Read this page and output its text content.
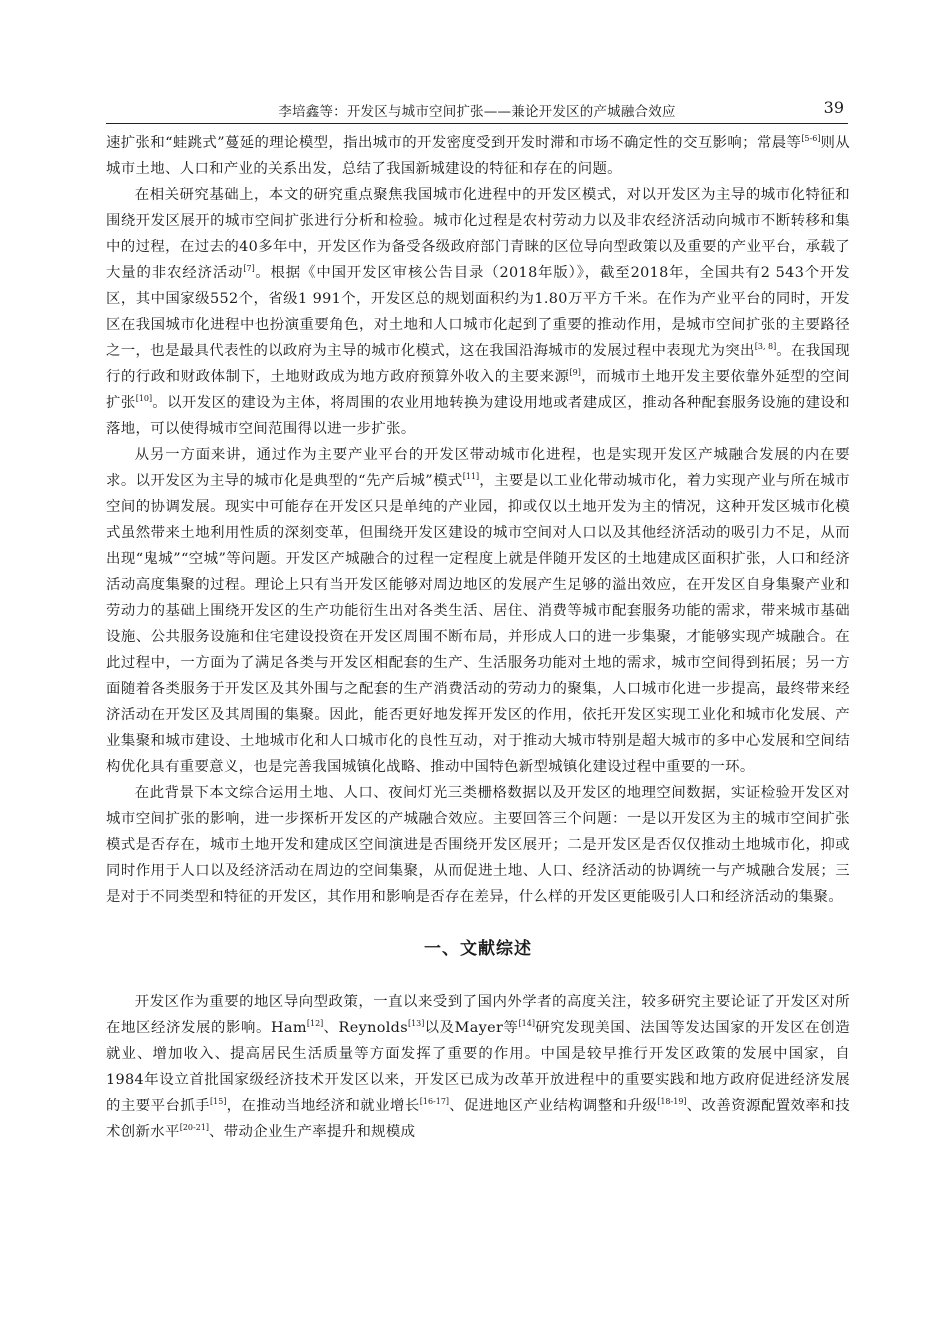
李培鑫等：开发区与城市空间扩张——兼论开发区的产城融合效应	39

速扩张和“蛙跳式”蔓延的理论模型，指出城市的开发密度受到开发时滞和市场不确定性的交互影响；常晨等[5-6]则从城市土地、人口和产业的关系出发，总结了我国新城建设的特征和存在的问题。

在相关研究基础上，本文的研究重点聚焦我国城市化进程中的开发区模式，对以开发区为主导的城市化特征和围绕开发区展开的城市空间扩张进行分析和检验。城市化过程是农村劳动力以及非农经济活动向城市不断转移和集中的过程，在过去的40多年中，开发区作为备受各级政府部门青睐的区位导向型政策以及重要的产业平台，承载了大量的非农经济活动[7]。根据《中国开发区审核公告目录（2018年版）》，截至2018年，全国共有2 543个开发区，其中国家级552个，省级1 991个，开发区总的规划面积约为1.80万平方千米。在作为产业平台的同时，开发区在我国城市化进程中也扮演重要角色，对土地和人口城市化起到了重要的推动作用，是城市空间扩张的主要路径之一，也是最具代表性的以政府为主导的城市化模式，这在我国沿海城市的发展过程中表现尤为突出[3, 8]。在我国现行的行政和财政体制下，土地财政成为地方政府预算外收入的主要来源[9]，而城市土地开发主要依靠外延型的空间扩张[10]。以开发区的建设为主体，将周围的农业用地转换为建设用地或者建成区，推动各种配套服务设施的建设和落地，可以使得城市空间范围得以进一步扩张。

从另一方面来讲，通过作为主要产业平台的开发区带动城市化进程，也是实现开发区产城融合发展的内在要求。以开发区为主导的城市化是典型的“先产后城”模式[11]，主要是以工业化带动城市化，着力实现产业与所在城市空间的协调发展。现实中可能存在开发区只是单纯的产业园，抑或仅以土地开发为主的情况，这种开发区城市化模式虽然带来土地利用性质的深刻变革，但围绕开发区建设的城市空间对人口以及其他经济活动的吸引力不足，从而出现“鬼城”“空城”等问题。开发区产城融合的过程一定程度上就是伴随开发区的土地建成区面积扩张，人口和经济活动高度集聚的过程。理论上只有当开发区能够对周边地区的发展产生足够的溢出效应，在开发区自身集聚产业和劳动力的基础上围绕开发区的生产功能衍生出对各类生活、居住、消费等城市配套服务功能的需求，带来城市基础设施、公共服务设施和住宅建设投资在开发区周围不断布局，并形成人口的进一步集聚，才能够实现产城融合。在此过程中，一方面为了满足各类与开发区相配套的生产、生活服务功能对土地的需求，城市空间得到拓展；另一方面随着各类服务于开发区及其外围与之配套的生产消费活动的劳动力的聚集，人口城市化进一步提高，最终带来经济活动在开发区及其周围的集聚。因此，能否更好地发挥开发区的作用，依托开发区实现工业化和城市化发展、产业集聚和城市建设、土地城市化和人口城市化的良性互动，对于推动大城市特别是超大城市的多中心发展和空间结构优化具有重要意义，也是完善我国城镇化战略、推动中国特色新型城镇化建设过程中重要的一环。

在此背景下本文综合运用土地、人口、夜间灯光三类栅格数据以及开发区的地理空间数据，实证检验开发区对城市空间扩张的影响，进一步探析开发区的产城融合效应。主要回答三个问题：一是以开发区为主的城市空间扩张模式是否存在，城市土地开发和建成区空间演进是否围绕开发区展开；二是开发区是否仅仅推动土地城市化，抑或同时作用于人口以及经济活动在周边的空间集聚，从而促进土地、人口、经济活动的协调统一与产城融合发展；三是对于不同类型和特征的开发区，其作用和影响是否存在差异，什么样的开发区更能吸引人口和经济活动的集聚。

一、文献综述

开发区作为重要的地区导向型政策，一直以来受到了国内外学者的高度关注，较多研究主要论证了开发区对所在地区经济发展的影响。Ham[12]、Reynolds[13]以及Mayer等[14]研究发现美国、法国等发达国家的开发区在创造就业、增加收入、提高居民生活质量等方面发挥了重要的作用。中国是较早推行开发区政策的发展中国家，自1984年设立首批国家级经济技术开发区以来，开发区已成为改革开放进程中的重要实践和地方政府促进经济发展的主要平台抓手[15]，在推动当地经济和就业增长[16-17]、促进地区产业结构调整和升级[18-19]、改善资源配置效率和技术创新水平[20-21]、带动企业生产率提升和规模成
